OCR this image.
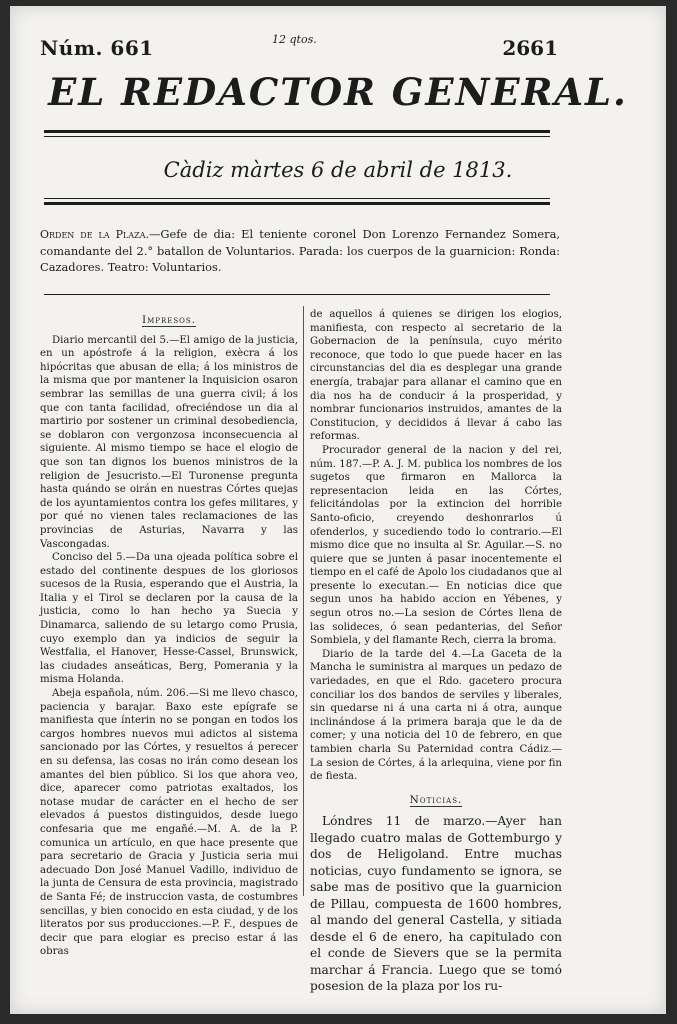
Núm. 661	12 qtos.	2661
EL REDACTOR GENERAL.
Càdiz màrtes 6 de abril de 1813.
Orden de la Plaza.—Gefe de dia: El teniente coronel Don Lorenzo Fernandez Somera, comandante del 2.° batallon de Voluntarios. Parada: los cuerpos de la guarnicion: Ronda: Cazadores. Teatro: Voluntarios.
Impresos.

Diario mercantil del 5.—El amigo de la justicia, en un apóstrofe á la religion, exècra á los hipócritas que abusan de ella; á los ministros de la misma que por mantener la Inquisicion osaron sembrar las semillas de una guerra civil; á los que con tanta facilidad, ofreciéndose un dia al martirio por sostener un criminal desobediencia, se doblaron con vergonzosa inconsecuencia al siguiente. Al mismo tiempo se hace el elogio de que son tan dignos los buenos ministros de la religion de Jesucristo.—El Turonense pregunta hasta quándo se oirán en nuestras Córtes quejas de los ayuntamientos contra los gefes militares, y por qué no vienen tales reclamaciones de las provincias de Asturias, Navarra y las Vascongadas.

Conciso del 5.—Da una ojeada política sobre el estado del continente despues de los gloriosos sucesos de la Rusia, esperando que el Austria, la Italia y el Tirol se declaren por la causa de la justicia, como lo han hecho ya Suecia y Dinamarca, saliendo de su letargo como Prusia, cuyo exemplo dan ya indicios de seguir la Westfalia, el Hanover, Hesse-Cassel, Brunswick, las ciudades anseáticas, Berg, Pomerania y la misma Holanda.

Abeja española, núm. 206.—Si me llevo chasco, paciencia y barajar. Baxo este epígrafe se manifiesta que ínterin no se pongan en todos los cargos hombres nuevos mui adictos al sistema sancionado por las Córtes, y resueltos á perecer en su defensa, las cosas no irán como desean los amantes del bien público. Si los que ahora veo, dice, aparecer como patriotas exaltados, los notase mudar de carácter en el hecho de ser elevados á puestos distinguidos, desde luego confesaria que me engañé.—M. A. de la P. comunica un artículo, en que hace presente que para secretario de Gracia y Justicia seria mui adecuado Don José Manuel Vadillo, individuo de la junta de Censura de esta provincia, magistrado de Santa Fé; de instruccion vasta, de costumbres sencillas, y bien conocido en esta ciudad, y de los literatos por sus producciones.—P. F., despues de decir que para elogiar es preciso estar á las obras

de aquellos á quienes se dirigen los elogios, manifiesta, con respecto al secretario de la Gobernacion de la península, cuyo mérito reconoce, que todo lo que puede hacer en las circunstancias del dia es desplegar una grande energía, trabajar para allanar el camino que en dia nos ha de conducir á la prosperidad, y nombrar funcionarios instruidos, amantes de la Constitucion, y decididos á llevar á cabo las reformas.

Procurador general de la nacion y del rei, núm. 187.—P. A. J. M. publica los nombres de los sugetos que firmaron en Mallorca la representacion leida en las Córtes, felicitándolas por la extincion del horrible Santo-oficio, creyendo deshonrarlos ú ofenderlos, y sucediendo todo lo contrario.—El mismo dice que no insulta al Sr. Aguilar.—S. no quiere que se junten á pasar inocentemente el tiempo en el café de Apolo los ciudadanos que al presente lo executan.— En noticias dice que segun unos ha habido accion en Yébenes, y segun otros no.—La sesion de Córtes llena de las solideces, ó sean pedanterias, del Señor Sombiela, y del flamante Rech, cierra la broma.

Diario de la tarde del 4.—La Gaceta de la Mancha le suministra al marques un pedazo de variedades, en que el Rdo. gacetero procura conciliar los dos bandos de serviles y liberales, sin quedarse ni á una carta ni á otra, aunque inclinándose á la primera baraja que le da de comer; y una noticia del 10 de febrero, en que tambien charla Su Paternidad contra Cádiz.— La sesion de Córtes, á la arlequina, viene por fin de fiesta.

Noticias.

Lóndres 11 de marzo.—Ayer han llegado cuatro malas de Gottemburgo y dos de Heligoland. Entre muchas noticias, cuyo fundamento se ignora, se sabe mas de positivo que la guarnicion de Pillau, compuesta de 1600 hombres, al mando del general Castella, y sitiada desde el 6 de enero, ha capitulado con el conde de Sievers que se la permita marchar á Francia. Luego que se tomó posesion de la plaza por los ru-
